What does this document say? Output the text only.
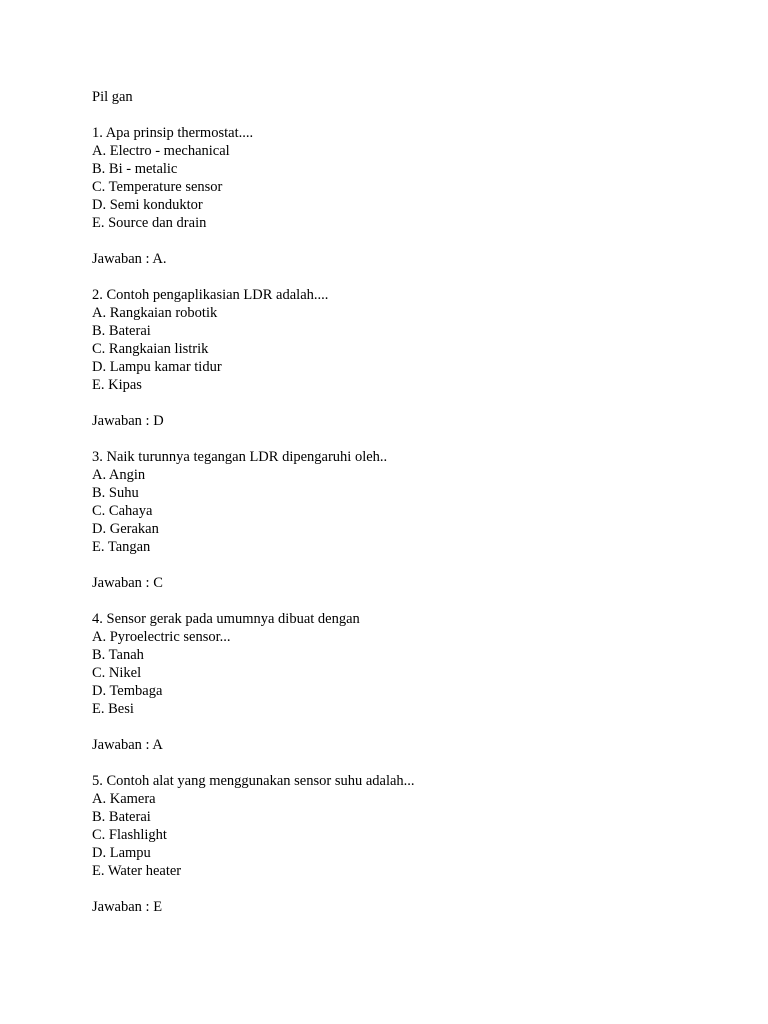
Pil gan
1. Apa prinsip thermostat....
A. Electro - mechanical
B. Bi - metalic
C. Temperature sensor
D. Semi konduktor
E. Source dan drain
Jawaban : A.
2. Contoh pengaplikasian LDR adalah....
A. Rangkaian robotik
B. Baterai
C. Rangkaian listrik
D. Lampu kamar tidur
E. Kipas
Jawaban : D
3. Naik turunnya tegangan LDR dipengaruhi oleh..
A. Angin
B. Suhu
C. Cahaya
D. Gerakan
E. Tangan
Jawaban : C
4. Sensor gerak pada umumnya dibuat dengan
A. Pyroelectric sensor...
B. Tanah
C. Nikel
D. Tembaga
E. Besi
Jawaban : A
5. Contoh alat yang menggunakan sensor suhu adalah...
A. Kamera
B. Baterai
C. Flashlight
D. Lampu
E. Water heater
Jawaban : E
